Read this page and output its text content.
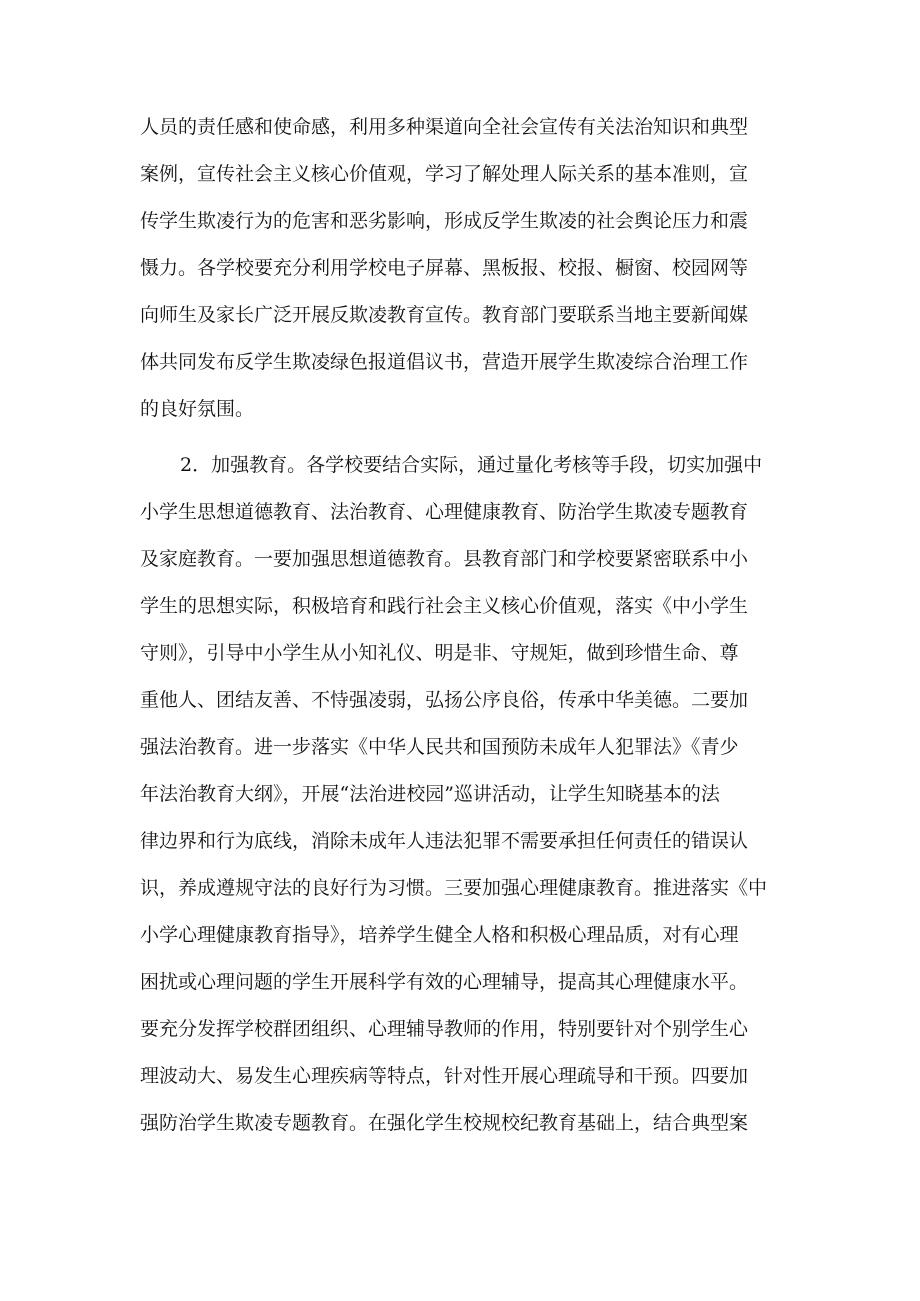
人员的责任感和使命感，利用多种渠道向全社会宣传有关法治知识和典型
案例，宣传社会主义核心价值观，学习了解处理人际关系的基本准则，宣
传学生欺凌行为的危害和恶劣影响，形成反学生欺凌的社会舆论压力和震
慑力。各学校要充分利用学校电子屏幕、黑板报、校报、橱窗、校园网等
向师生及家长广泛开展反欺凌教育宣传。教育部门要联系当地主要新闻媒
体共同发布反学生欺凌绿色报道倡议书，营造开展学生欺凌综合治理工作
的良好氛围。
2．加强教育。各学校要结合实际，通过量化考核等手段，切实加强中
小学生思想道德教育、法治教育、心理健康教育、防治学生欺凌专题教育
及家庭教育。一要加强思想道德教育。县教育部门和学校要紧密联系中小
学生的思想实际，积极培育和践行社会主义核心价值观，落实《中小学生
守则》，引导中小学生从小知礼仪、明是非、守规矩，做到珍惜生命、尊
重他人、团结友善、不恃强凌弱，弘扬公序良俗，传承中华美德。二要加
强法治教育。进一步落实《中华人民共和国预防未成年人犯罪法》《青少
年法治教育大纲》，开展“法治进校园”巡讲活动，让学生知晓基本的法
律边界和行为底线，消除未成年人违法犯罪不需要承担任何责任的错误认
识，养成遵规守法的良好行为习惯。三要加强心理健康教育。推进落实《中
小学心理健康教育指导》，培养学生健全人格和积极心理品质，对有心理
困扰或心理问题的学生开展科学有效的心理辅导，提高其心理健康水平。
要充分发挥学校群团组织、心理辅导教师的作用，特别要针对个别学生心
理波动大、易发生心理疾病等特点，针对性开展心理疏导和干预。四要加
强防治学生欺凌专题教育。在强化学生校规校纪教育基础上，结合典型案
